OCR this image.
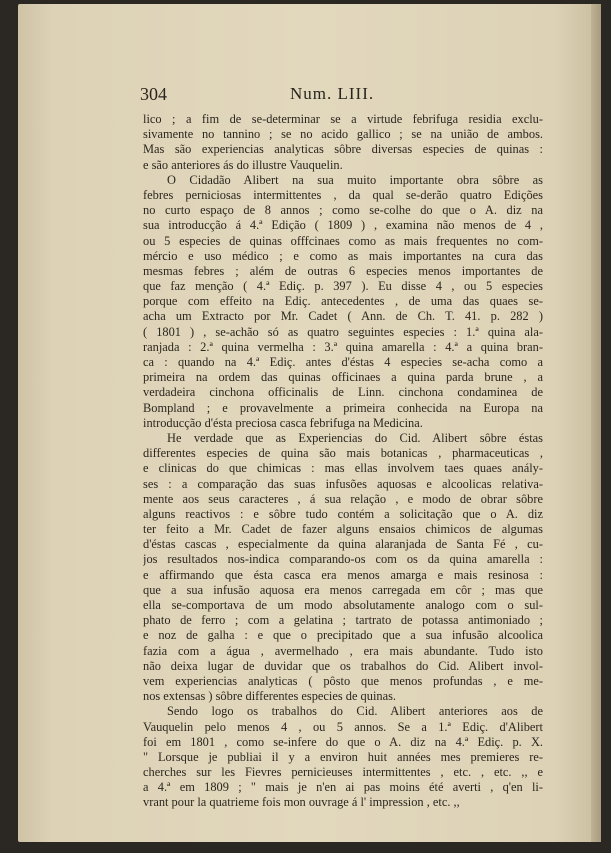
304	Num. LIII.
lico ; a fim de se-determinar se a virtude febrifuga residia exclu-
sivamente no tannino ; se no acido gallico ; se na união de ambos.
Mas são experiencias analyticas sôbre diversas especies de quinas :
e são anteriores ás do illustre Vauquelin.
O Cidadão Alibert na sua muito importante obra sôbre as
febres perniciosas intermittentes , da qual se-derão quatro Edições
no curto espaço de 8 annos ; como se-colhe do que o A. diz na
sua introducção á 4.ª Edição ( 1809 ) , examina não menos de 4 ,
ou 5 especies de quinas offfcinaes como as mais frequentes no com-
mércio e uso médico ; e como as mais importantes na cura das
mesmas febres ; além de outras 6 especies menos importantes de
que faz menção ( 4.ª Ediç. p. 397 ). Eu disse 4 , ou 5 especies
porque com effeito na Ediç. antecedentes , de uma das quaes se-
acha um Extracto por Mr. Cadet ( Ann. de Ch. T. 41. p. 282 )
( 1801 ) , se-achão só as quatro seguintes especies : 1.ª quina ala-
ranjada : 2.ª quina vermelha : 3.ª quina amarella : 4.ª a quina bran-
ca : quando na 4.ª Ediç. antes d'éstas 4 especies se-acha como a
primeira na ordem das quinas officinaes a quina parda brune , a
verdadeira cinchona officinalis de Linn. cinchona condaminea de
Bompland ; e provavelmente a primeira conhecida na Europa na
introducção d'ésta preciosa casca febrifuga na Medicina.
He verdade que as Experiencias do Cid. Alibert sôbre éstas
differentes especies de quina são mais botanicas , pharmaceuticas ,
e clinicas do que chimicas : mas ellas involvem taes quaes anály-
ses : a comparação das suas infusões aquosas e alcoolicas relativa-
mente aos seus caracteres , á sua relação , e modo de obrar sôbre
alguns reactivos : e sôbre tudo contém a solicitação que o A. diz
ter feito a Mr. Cadet de fazer alguns ensaios chimicos de algumas
d'éstas cascas , especialmente da quina alaranjada de Santa Fé , cu-
jos resultados nos-indica comparando-os com os da quina amarella :
e affirmando que ésta casca era menos amarga e mais resinosa :
que a sua infusão aquosa era menos carregada em côr ; mas que
ella se-comportava de um modo absolutamente analogo com o sul-
phato de ferro ; com a gelatina ; tartrato de potassa antimoniado ;
e noz de galha : e que o precipitado que a sua infusão alcoolica
fazia com a água , avermelhado , era mais abundante. Tudo isto
não deixa lugar de duvidar que os trabalhos do Cid. Alibert invol-
vem experiencias analyticas ( pôsto que menos profundas , e me-
nos extensas ) sôbre differentes especies de quinas.
Sendo logo os trabalhos do Cid. Alibert anteriores aos de
Vauquelin pelo menos 4 , ou 5 annos. Se a 1.ª Ediç. d'Alibert
foi em 1801 , como se-infere do que o A. diz na 4.ª Ediç. p. X.
" Lorsque je publiai il y a environ huit années mes premieres re-
cherches sur les Fievres pernicieuses intermittentes , etc. , etc. ,, e
a 4.ª em 1809 ; " mais je n'en ai pas moins été averti , q'en li-
vrant pour la quatrieme fois mon ouvrage á l' impression , etc. ,,
